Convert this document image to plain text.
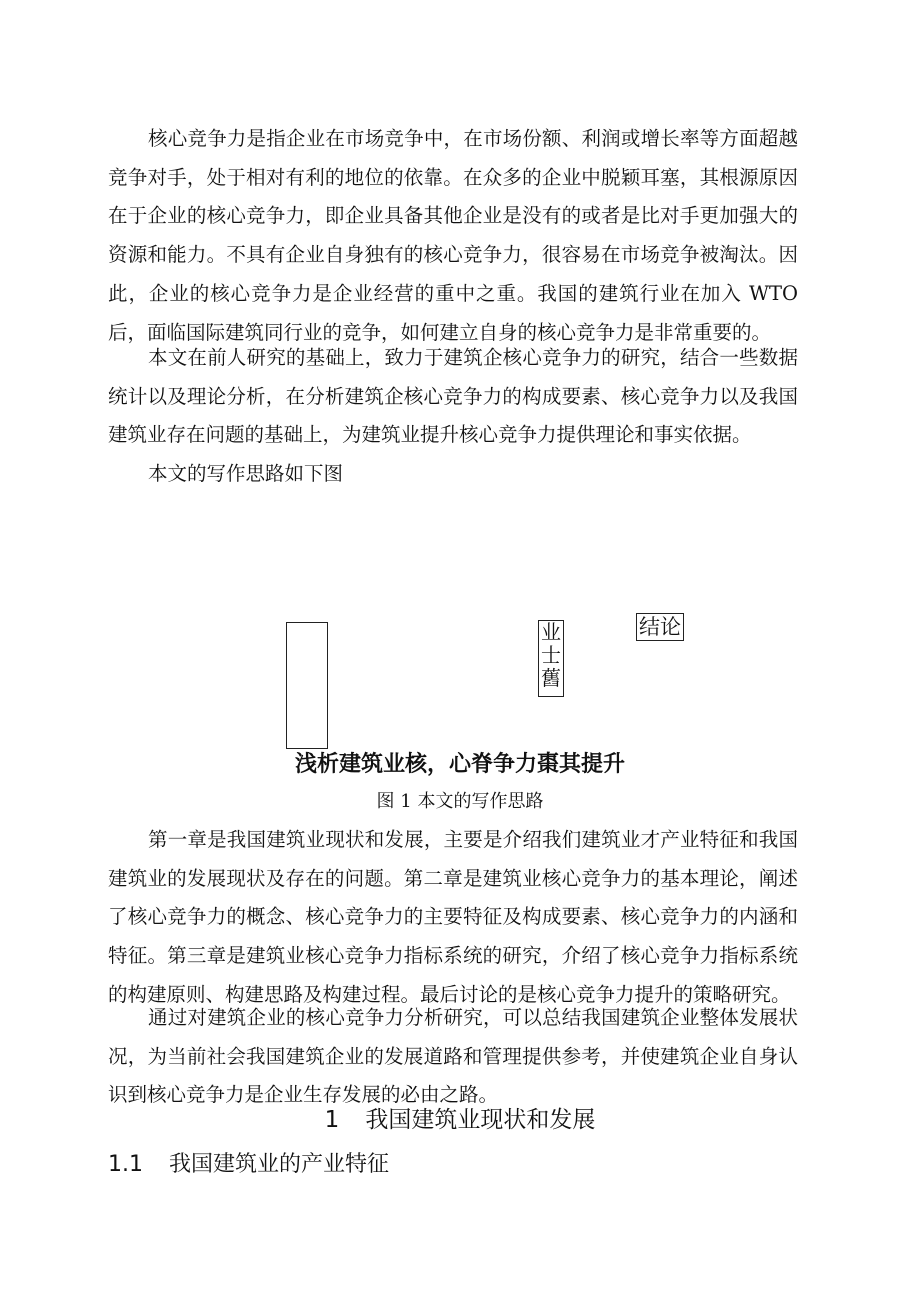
核心竞争力是指企业在市场竞争中，在市场份额、利润或增长率等方面超越竞争对手，处于相对有利的地位的依靠。在众多的企业中脱颖耳塞，其根源原因在于企业的核心竞争力，即企业具备其他企业是没有的或者是比对手更加强大的资源和能力。不具有企业自身独有的核心竞争力，很容易在市场竞争被淘汰。因此，企业的核心竞争力是企业经营的重中之重。我国的建筑行业在加入 WTO 后，面临国际建筑同行业的竞争，如何建立自身的核心竞争力是非常重要的。

本文在前人研究的基础上，致力于建筑企核心竞争力的研究，结合一些数据统计以及理论分析，在分析建筑企核心竞争力的构成要素、核心竞争力以及我国建筑业存在问题的基础上，为建筑业提升核心竞争力提供理论和事实依据。

本文的写作思路如下图

业
士
舊
结论
浅析建筑业核，心脊争力棗其提升
图 1 本文的写作思路

第一章是我国建筑业现状和发展，主要是介绍我们建筑业才产业特征和我国建筑业的发展现状及存在的问题。第二章是建筑业核心竞争力的基本理论，阐述了核心竞争力的概念、核心竞争力的主要特征及构成要素、核心竞争力的内涵和特征。第三章是建筑业核心竞争力指标系统的研究，介绍了核心竞争力指标系统的构建原则、构建思路及构建过程。最后讨论的是核心竞争力提升的策略研究。

通过对建筑企业的核心竞争力分析研究，可以总结我国建筑企业整体发展状况，为当前社会我国建筑企业的发展道路和管理提供参考，并使建筑企业自身认识到核心竞争力是企业生存发展的必由之路。

1 我国建筑业现状和发展
1.1 我国建筑业的产业特征
